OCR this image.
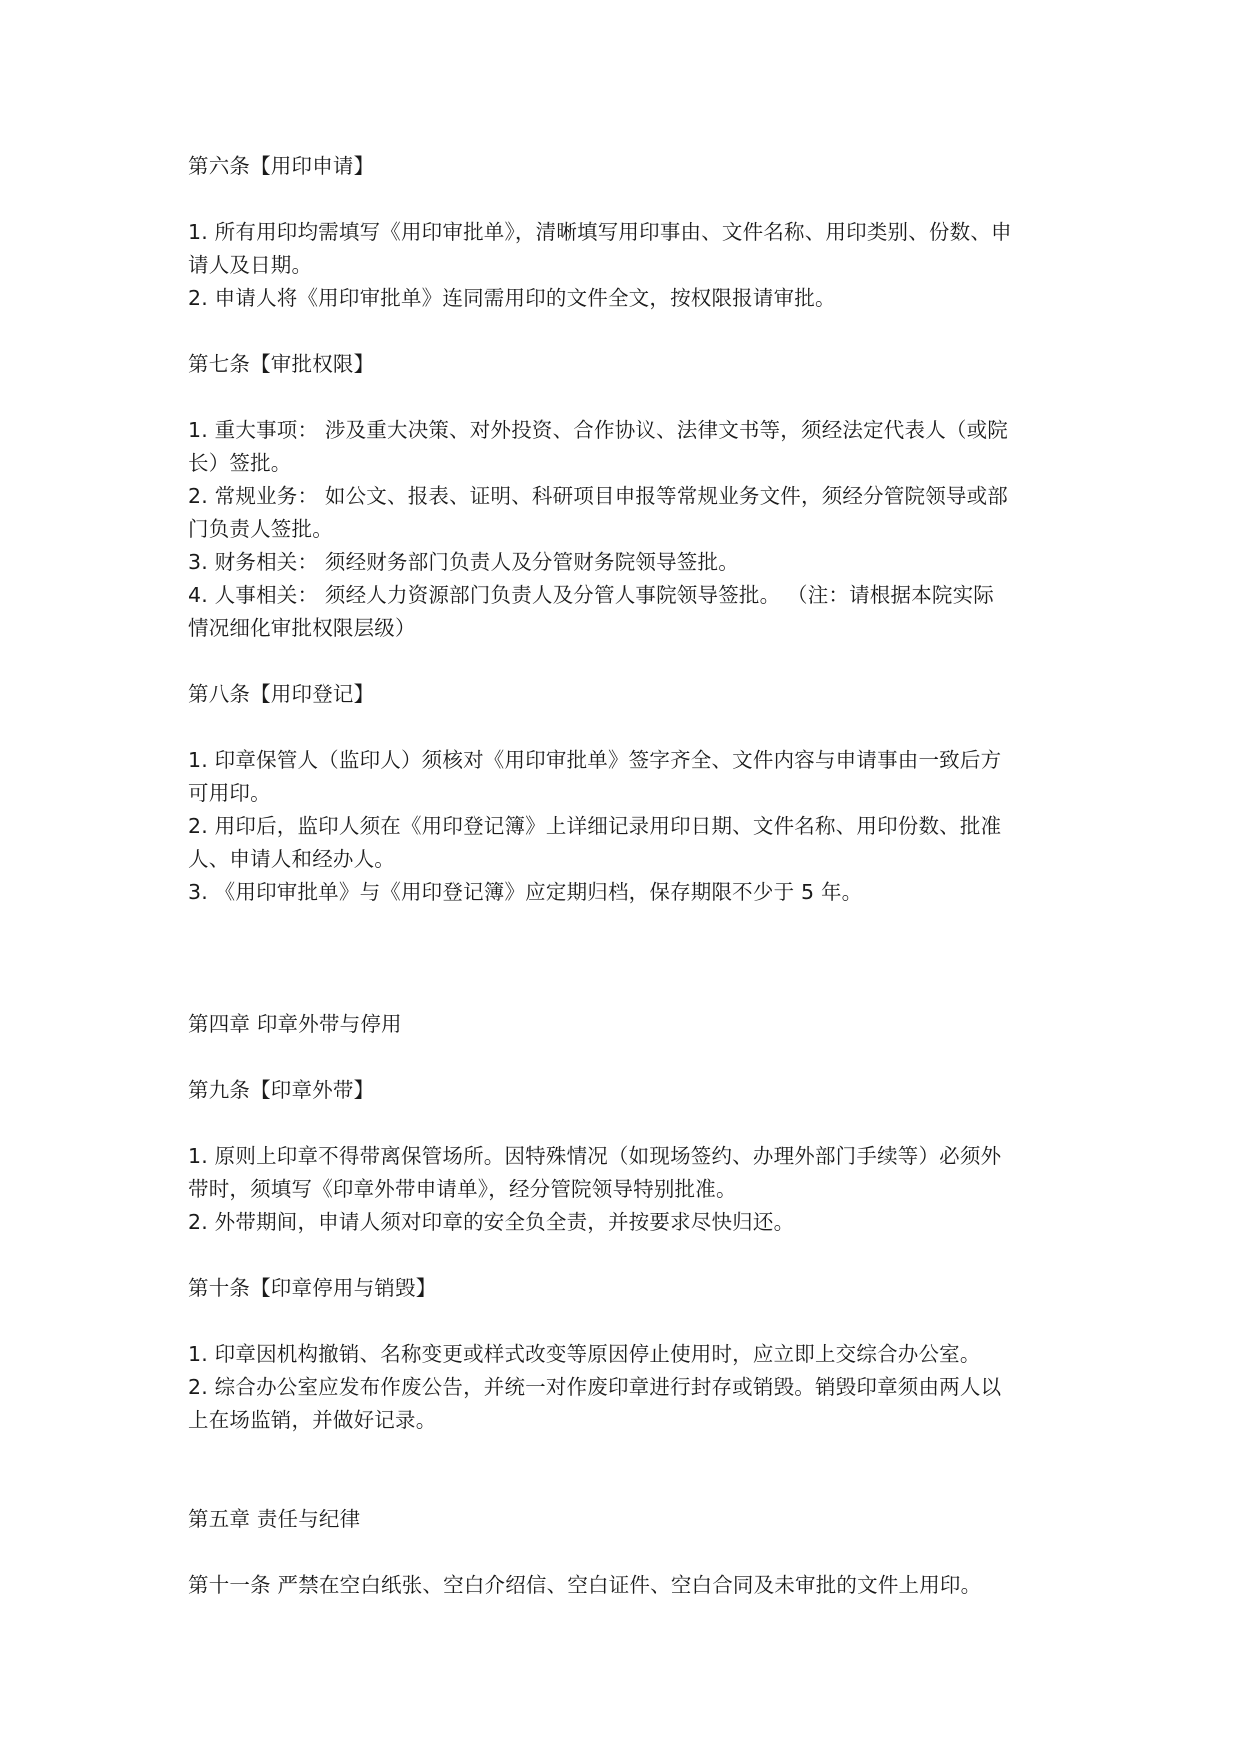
第六条【用印申请】
1. 所有用印均需填写《用印审批单》，清晰填写用印事由、文件名称、用印类别、份数、申
请人及日期。
2. 申请人将《用印审批单》连同需用印的文件全文，按权限报请审批。
第七条【审批权限】
1. 重大事项： 涉及重大决策、对外投资、合作协议、法律文书等，须经法定代表人（或院
长）签批。
2. 常规业务： 如公文、报表、证明、科研项目申报等常规业务文件，须经分管院领导或部
门负责人签批。
3. 财务相关： 须经财务部门负责人及分管财务院领导签批。
4. 人事相关： 须经人力资源部门负责人及分管人事院领导签批。 （注：请根据本院实际
情况细化审批权限层级）
第八条【用印登记】
1. 印章保管人（监印人）须核对《用印审批单》签字齐全、文件内容与申请事由一致后方
可用印。
2. 用印后，监印人须在《用印登记簿》上详细记录用印日期、文件名称、用印份数、批准
人、申请人和经办人。
3. 《用印审批单》与《用印登记簿》应定期归档，保存期限不少于 5 年。
第四章 印章外带与停用
第九条【印章外带】
1. 原则上印章不得带离保管场所。因特殊情况（如现场签约、办理外部门手续等）必须外
带时，须填写《印章外带申请单》，经分管院领导特别批准。
2. 外带期间，申请人须对印章的安全负全责，并按要求尽快归还。
第十条【印章停用与销毁】
1. 印章因机构撤销、名称变更或样式改变等原因停止使用时，应立即上交综合办公室。
2. 综合办公室应发布作废公告，并统一对作废印章进行封存或销毁。销毁印章须由两人以
上在场监销，并做好记录。
第五章 责任与纪律
第十一条 严禁在空白纸张、空白介绍信、空白证件、空白合同及未审批的文件上用印。
